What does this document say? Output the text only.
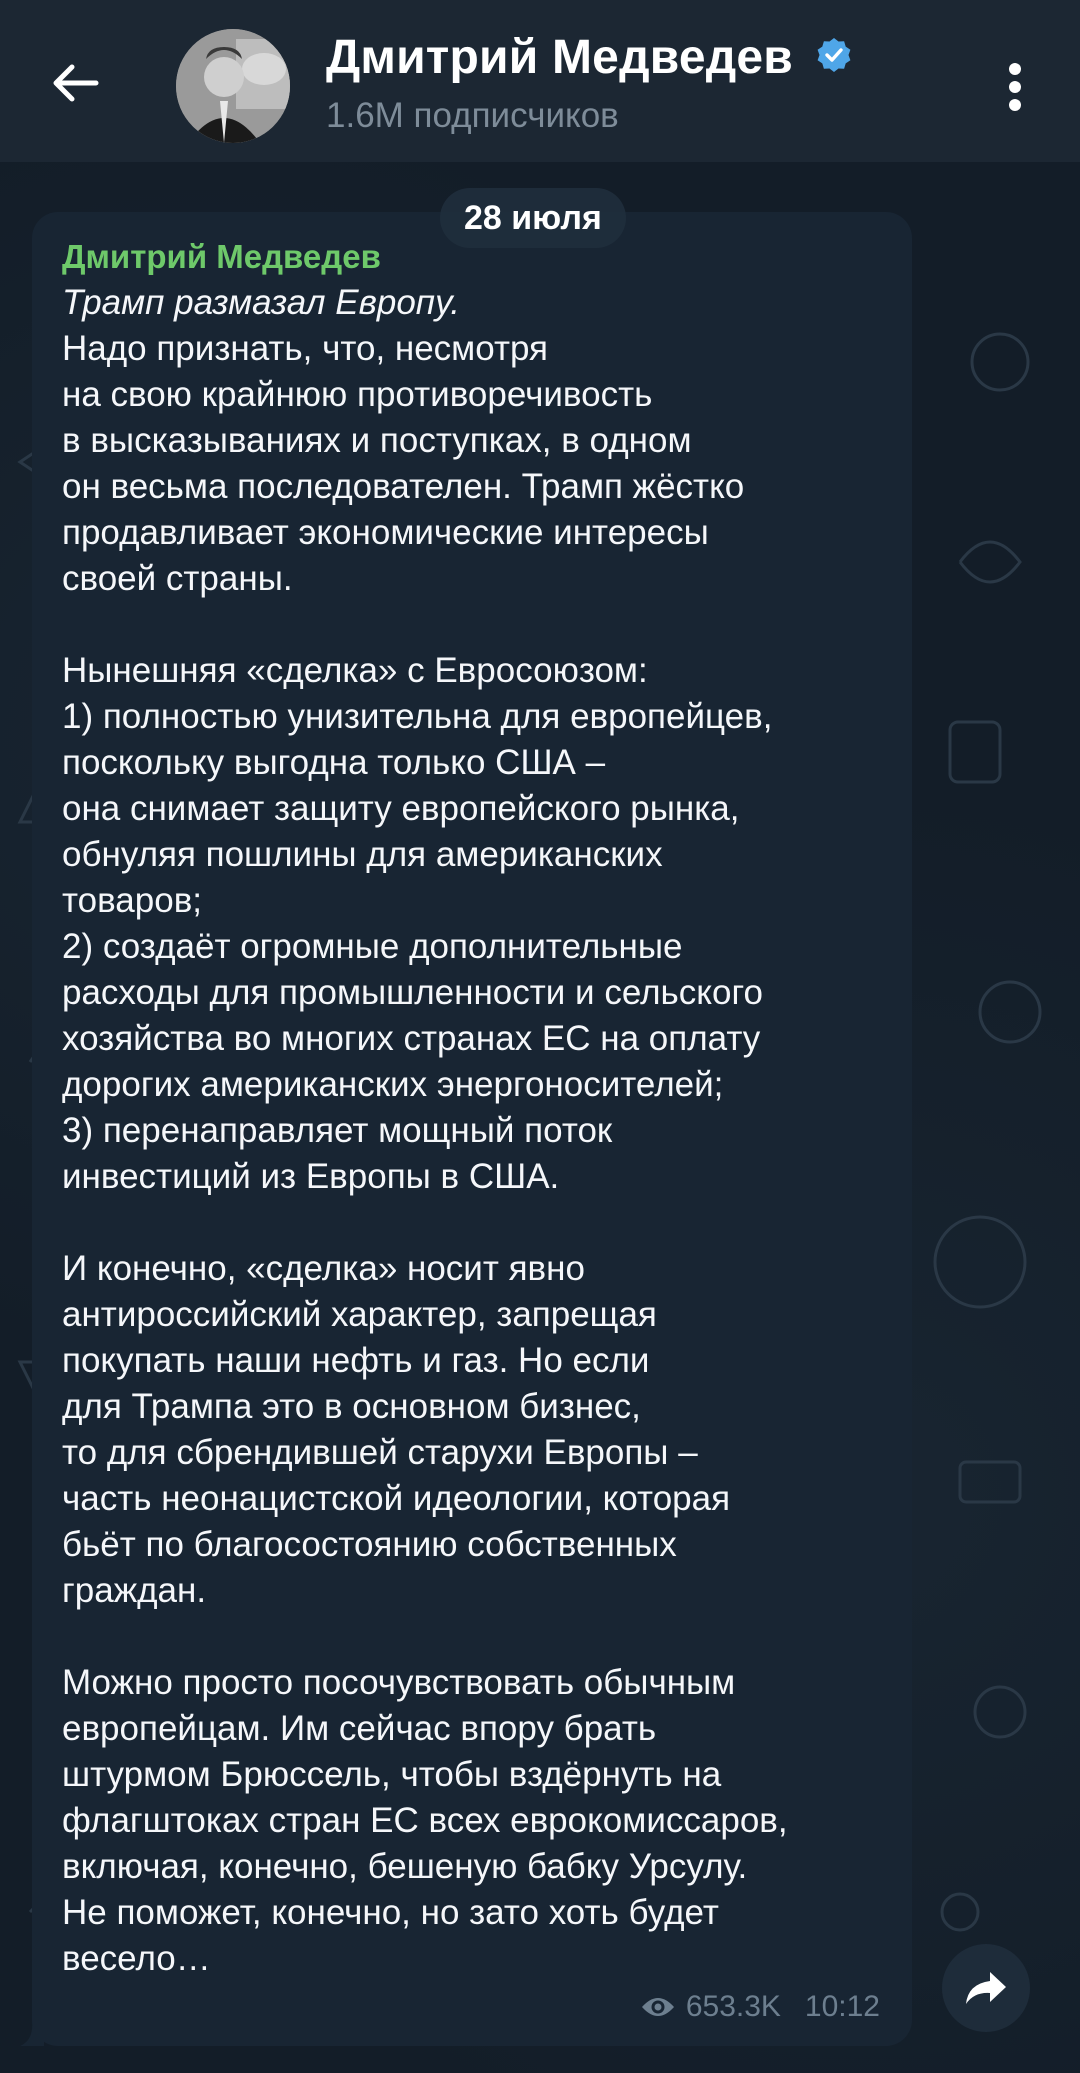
Дмитрий Медведев
1.6M подписчиков
Дмитрий Медведев
Трамп размазал Европу.
Надо признать, что, несмотря
на свою крайнюю противоречивость
в высказываниях и поступках, в одном
он весьма последователен. Трамп жёстко
продавливает экономические интересы
своей страны.

Нынешняя «сделка» с Евросоюзом:
1) полностью унизительна для европейцев,
поскольку выгодна только США –
она снимает защиту европейского рынка,
обнуляя пошлины для американских
товаров;
2) создаёт огромные дополнительные
расходы для промышленности и сельского
хозяйства во многих странах ЕС на оплату
дорогих американских энергоносителей;
3) перенаправляет мощный поток
инвестиций из Европы в США.

И конечно, «сделка» носит явно
антироссийский характер, запрещая
покупать наши нефть и газ. Но если
для Трампа это в основном бизнес,
то для сбрендившей старухи Европы –
часть неонацистской идеологии, которая
бьёт по благосостоянию собственных
граждан.

Можно просто посочувствовать обычным
европейцам. Им сейчас впору брать
штурмом Брюссель, чтобы вздёрнуть на
флагштоках стран ЕС всех еврокомиссаров,
включая, конечно, бешеную бабку Урсулу.
Не поможет, конечно, но зато хоть будет
весело…
653.3K 10:12
28 июля
